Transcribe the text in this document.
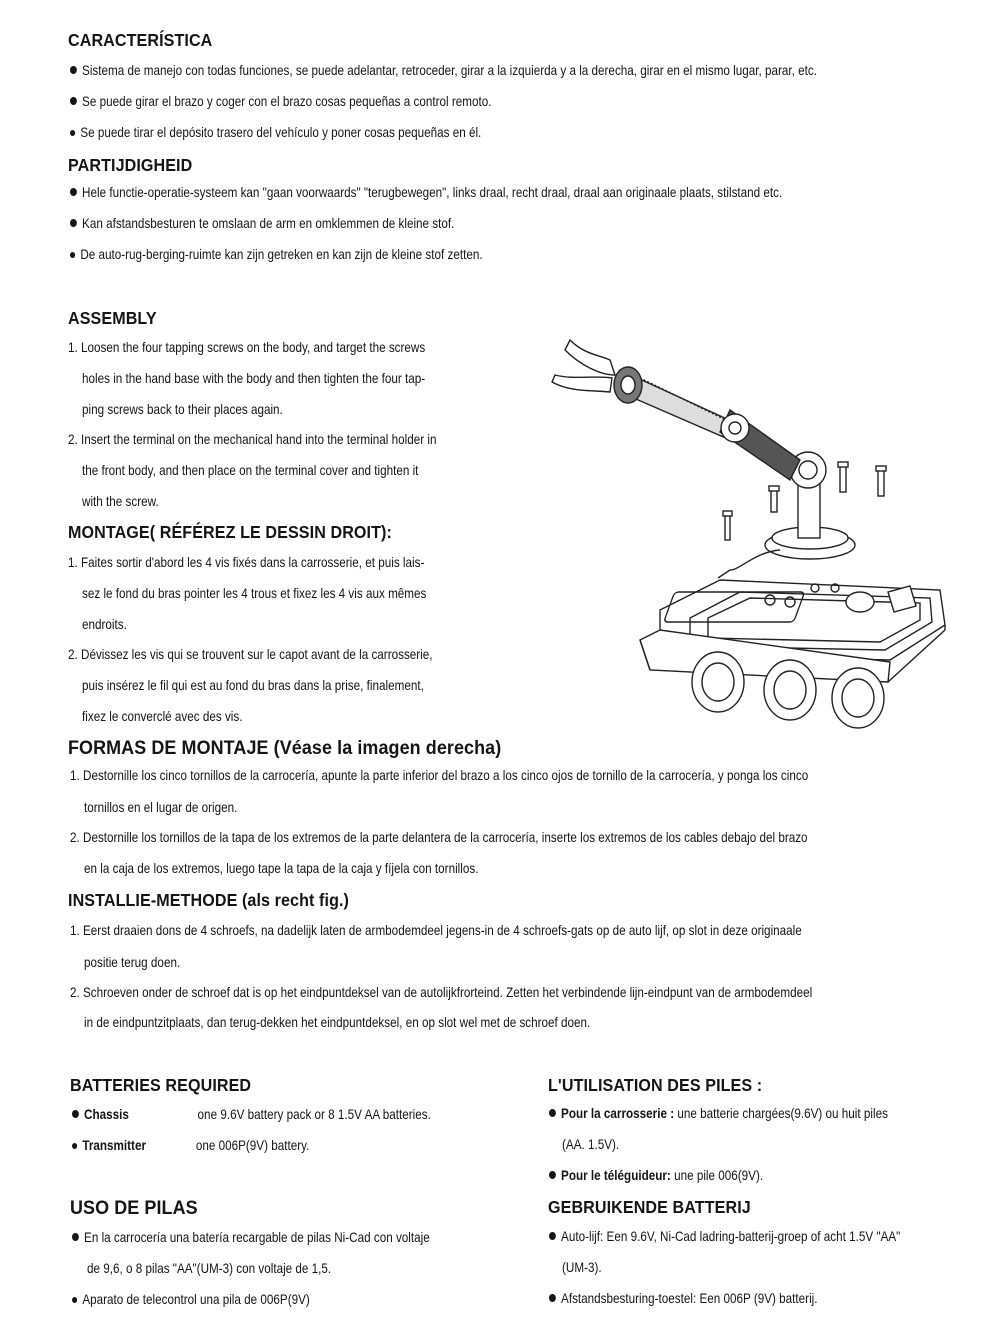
CARACTERÍSTICA
Sistema de manejo con todas funciones, se puede adelantar, retroceder, girar a la izquierda y a la derecha, girar en el mismo lugar, parar, etc.
Se puede girar el brazo y coger con el brazo cosas pequeñas a control remoto.
Se puede tirar el depósito trasero del vehículo y poner cosas pequeñas en él.
PARTIJDIGHEID
Hele functie-operatie-systeem kan "gaan voorwaards" "terugbewegen", links draal, recht draal, draal aan originaale plaats, stilstand etc.
Kan afstandsbesturen te omslaan de arm en omklemmen de kleine stof.
De auto-rug-berging-ruimte kan zijn getreken en kan zijn de kleine stof zetten.
ASSEMBLY
1. Loosen the four tapping screws on the body, and target the screws
holes in the hand base with the body and then tighten the four tap-
ping screws back to their places again.
2. Insert the terminal on the mechanical hand into the terminal holder in
the front body, and then place on the terminal cover and tighten it
with the screw.
MONTAGE( RÉFÉREZ LE DESSIN DROIT):
1. Faites sortir d'abord les 4 vis fixés dans la carrosserie, et puis lais-
sez le fond du bras pointer les 4 trous et fixez les 4 vis aux mêmes
endroits.
2. Dévissez les vis qui se trouvent sur le capot avant de la carrosserie,
puis insérez le fil qui est au fond du bras dans la prise, finalement,
fixez le converclé avec des vis.
FORMAS DE MONTAJE (Véase la imagen derecha)
1. Destornille los cinco tornillos de la carrocería, apunte la parte inferior del brazo a los cinco ojos de tornillo de la carrocería, y ponga los cinco
tornillos en el lugar de origen.
2. Destornille los tornillos de la tapa de los extremos de la parte delantera de la carrocería, inserte los extremos de los cables debajo del brazo
en la caja de los extremos, luego tape la tapa de la caja y fíjela con tornillos.
INSTALLIE-METHODE (als recht fig.)
1. Eerst draaien dons de 4 schroefs, na dadelijk laten de armbodemdeel jegens-in de 4 schroefs-gats op de auto lijf, op slot in deze originaale
positie terug doen.
2. Schroeven onder de schroef dat is op het eindpuntdeksel van de autolijkfrorteind. Zetten het verbindende lijn-eindpunt van de armbodemdeel
in de eindpuntzitplaats, dan terug-dekken het eindpuntdeksel, en op slot wel met de schroef doen.
BATTERIES REQUIRED
Chassis	one 9.6V battery pack or 8 1.5V AA batteries.
Transmitter	one 006P(9V) battery.
USO DE PILAS
En la carrocería una batería recargable de pilas Ni-Cad con voltaje
de 9,6, o 8 pilas "AA"(UM-3) con voltaje de 1,5.
Aparato de telecontrol una pila de 006P(9V)
L'UTILISATION DES PILES :
Pour la carrosserie : une batterie chargées(9.6V) ou huit piles
(AA. 1.5V).
Pour le téléguideur: une pile 006(9V).
GEBRUIKENDE BATTERIJ
Auto-lijf: Een 9.6V, Ni-Cad ladring-batterij-groep of acht 1.5V "AA"
(UM-3).
Afstandsbesturing-toestel: Een 006P (9V) batterij.
